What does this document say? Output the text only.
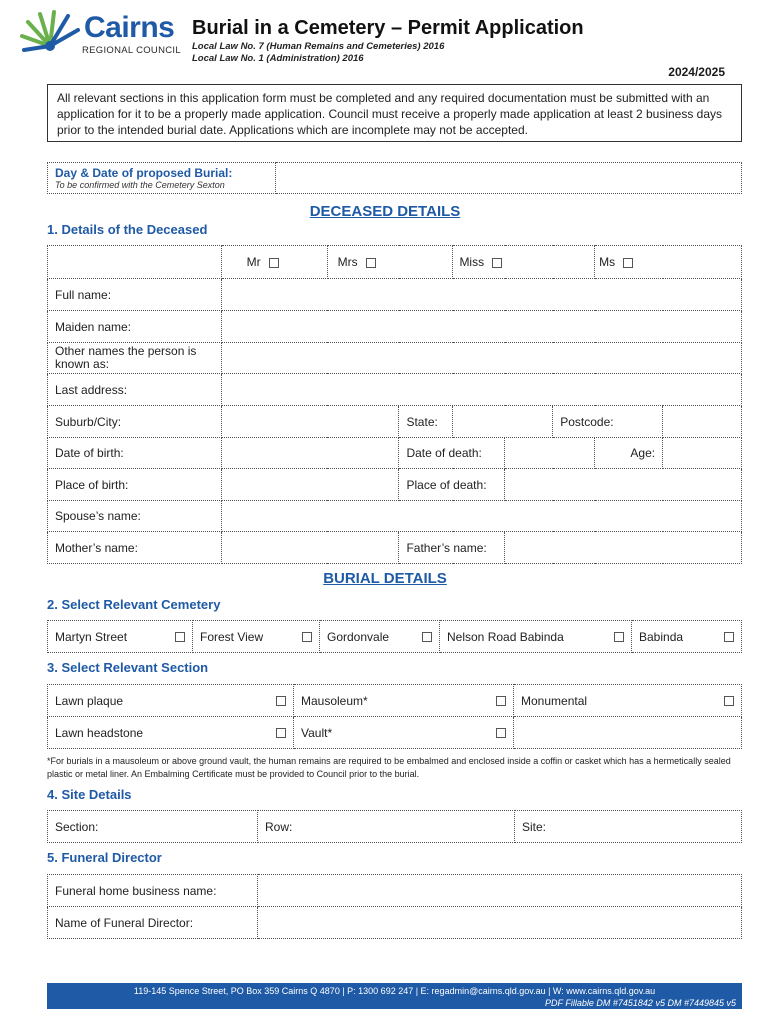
Cairns
REGIONAL COUNCIL
Burial in a Cemetery – Permit Application
Local Law No. 7 (Human Remains and Cemeteries) 2016
Local Law No. 1 (Administration) 2016
2024/2025
All relevant sections in this application form must be completed and any required documentation must be submitted with an application for it to be a properly made application. Council must receive a properly made application at least 2 business days prior to the intended burial date. Applications which are incomplete may not be accepted.
Day & Date of proposed Burial:
To be confirmed with the Cemetery Sexton

DECEASED DETAILS
1. Details of the Deceased
	Mr	Mrs		Miss			Ms	
Full name:								
Maiden name:								
Other names the person is known as:								
Last address:								
Suburb/City:			State:			Postcode:		
Date of birth:			Date of death:				Age:	
Place of birth:			Place of death:					
Spouse’s name:								
Mother’s name:			Father’s name:					
BURIAL DETAILS
2. Select Relevant Cemetery
Martyn Street	Forest View	Gordonvale	Nelson Road Babinda	Babinda
3. Select Relevant Section
Lawn plaque	Mausoleum*	Monumental

Lawn headstone	Vault*

*For burials in a mausoleum or above ground vault, the human remains are required to be embalmed and enclosed inside a coffin or casket which has a hermetically sealed plastic or metal liner. An Embalming Certificate must be provided to Council prior to the burial.
4. Site Details
Section:	Row:	Site:
5. Funeral Director
Funeral home business name:	
Name of Funeral Director:	
119-145 Spence Street, PO Box 359 Cairns Q 4870 | P: 1300 692 247 | E: regadmin@cairns.qld.gov.au | W: www.cairns.qld.gov.au
PDF Fillable DM #7451842 v5 DM #7449845 v5
